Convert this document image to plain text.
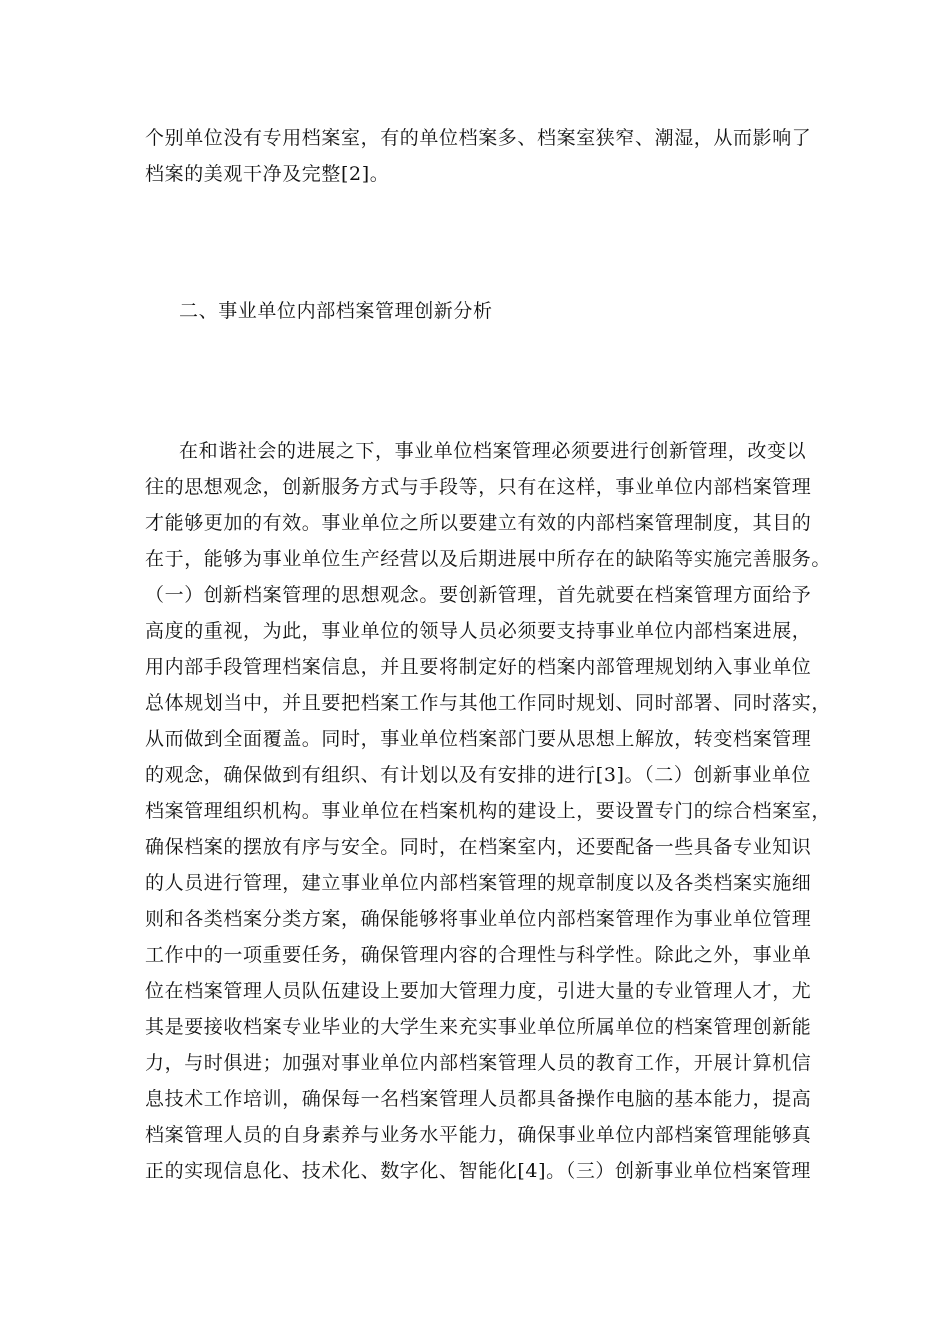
个别单位没有专用档案室，有的单位档案多、档案室狭窄、潮湿，从而影响了
档案的美观干净及完整[2]。
二、事业单位内部档案管理创新分析
在和谐社会的进展之下，事业单位档案管理必须要进行创新管理，改变以
往的思想观念，创新服务方式与手段等，只有在这样，事业单位内部档案管理
才能够更加的有效。事业单位之所以要建立有效的内部档案管理制度，其目的
在于，能够为事业单位生产经营以及后期进展中所存在的缺陷等实施完善服务。
（一）创新档案管理的思想观念。要创新管理，首先就要在档案管理方面给予
高度的重视，为此，事业单位的领导人员必须要支持事业单位内部档案进展，
用内部手段管理档案信息，并且要将制定好的档案内部管理规划纳入事业单位
总体规划当中，并且要把档案工作与其他工作同时规划、同时部署、同时落实，
从而做到全面覆盖。同时，事业单位档案部门要从思想上解放，转变档案管理
的观念，确保做到有组织、有计划以及有安排的进行[3]。（二）创新事业单位
档案管理组织机构。事业单位在档案机构的建设上，要设置专门的综合档案室，
确保档案的摆放有序与安全。同时，在档案室内，还要配备一些具备专业知识
的人员进行管理，建立事业单位内部档案管理的规章制度以及各类档案实施细
则和各类档案分类方案，确保能够将事业单位内部档案管理作为事业单位管理
工作中的一项重要任务，确保管理内容的合理性与科学性。除此之外，事业单
位在档案管理人员队伍建设上要加大管理力度，引进大量的专业管理人才，尤
其是要接收档案专业毕业的大学生来充实事业单位所属单位的档案管理创新能
力，与时俱进；加强对事业单位内部档案管理人员的教育工作，开展计算机信
息技术工作培训，确保每一名档案管理人员都具备操作电脑的基本能力，提高
档案管理人员的自身素养与业务水平能力，确保事业单位内部档案管理能够真
正的实现信息化、技术化、数字化、智能化[4]。（三）创新事业单位档案管理
